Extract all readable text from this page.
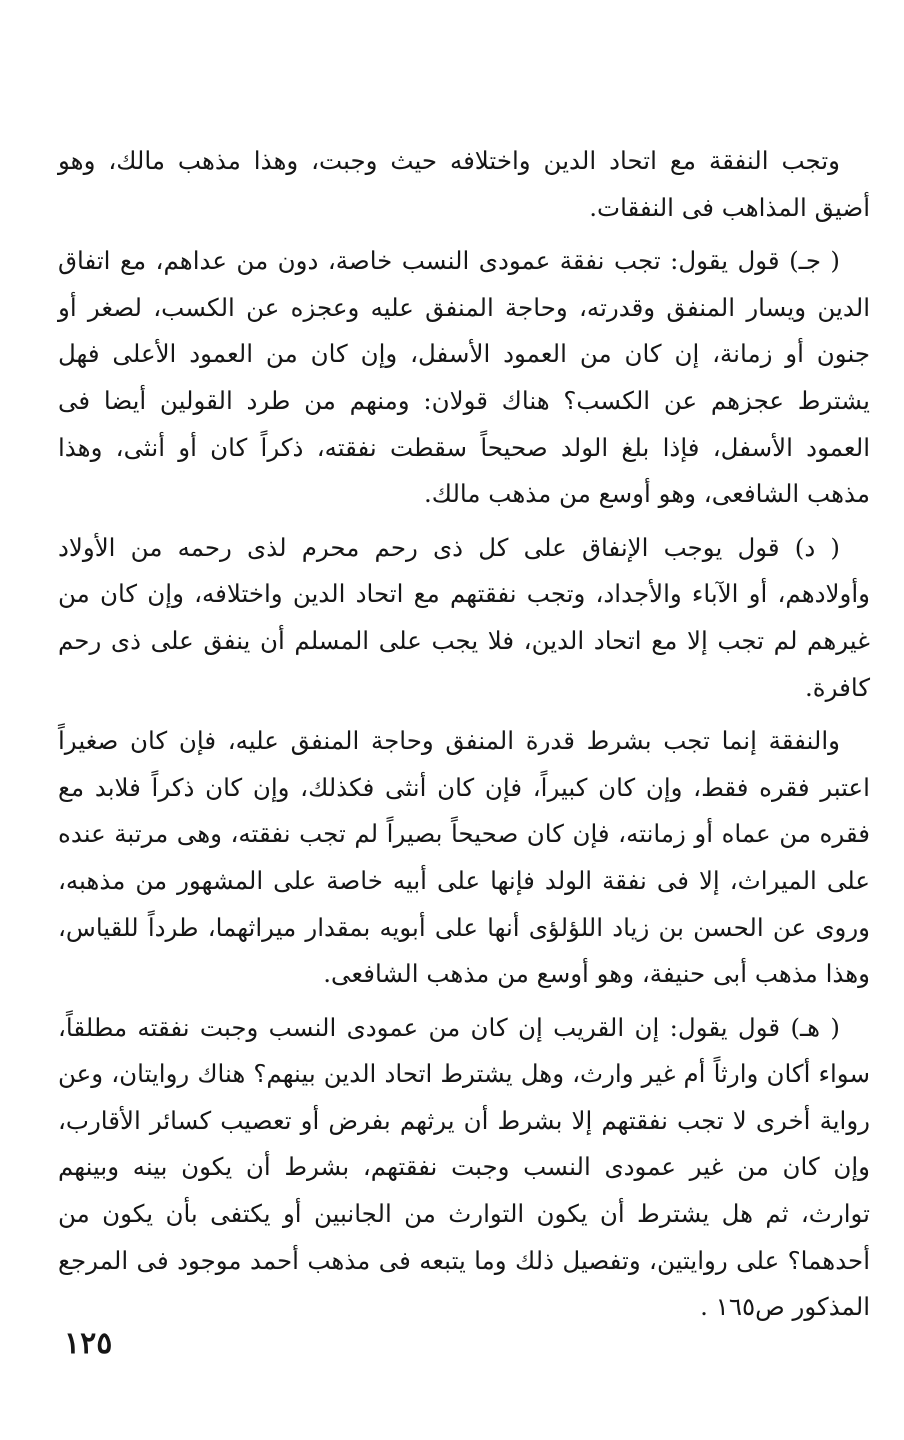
وتجب النفقة مع اتحاد الدين واختلافه حيث وجبت، وهذا مذهب مالك، وهو أضيق المذاهب فى النفقات.

( جـ) قول يقول: تجب نفقة عمودى النسب خاصة، دون من عداهم، مع اتفاق الدين ويسار المنفق وقدرته، وحاجة المنفق عليه وعجزه عن الكسب، لصغر أو جنون أو زمانة، إن كان من العمود الأسفل، وإن كان من العمود الأعلى فهل يشترط عجزهم عن الكسب؟ هناك قولان: ومنهم من طرد القولين أيضا فى العمود الأسفل، فإذا بلغ الولد صحيحاً سقطت نفقته، ذكراً كان أو أنثى، وهذا مذهب الشافعى، وهو أوسع من مذهب مالك.

( د) قول يوجب الإنفاق على كل ذى رحم محرم لذى رحمه من الأولاد وأولادهم، أو الآباء والأجداد، وتجب نفقتهم مع اتحاد الدين واختلافه، وإن كان من غيرهم لم تجب إلا مع اتحاد الدين، فلا يجب على المسلم أن ينفق على ذى رحم كافرة.

والنفقة إنما تجب بشرط قدرة المنفق وحاجة المنفق عليه، فإن كان صغيراً اعتبر فقره فقط، وإن كان كبيراً، فإن كان أنثى فكذلك، وإن كان ذكراً فلابد مع فقره من عماه أو زمانته، فإن كان صحيحاً بصيراً لم تجب نفقته، وهى مرتبة عنده على الميراث، إلا فى نفقة الولد فإنها على أبيه خاصة على المشهور من مذهبه، وروى عن الحسن بن زياد اللؤلؤى أنها على أبويه بمقدار ميراثهما، طرداً للقياس، وهذا مذهب أبى حنيفة، وهو أوسع من مذهب الشافعى.

( هـ) قول يقول: إن القريب إن كان من عمودى النسب وجبت نفقته مطلقاً، سواء أكان وارثاً أم غير وارث، وهل يشترط اتحاد الدين بينهم؟ هناك روايتان، وعن رواية أخرى لا تجب نفقتهم إلا بشرط أن يرثهم بفرض أو تعصيب كسائر الأقارب، وإن كان من غير عمودى النسب وجبت نفقتهم، بشرط أن يكون بينه وبينهم توارث، ثم هل يشترط أن يكون التوارث من الجانبين أو يكتفى بأن يكون من أحدهما؟ على روايتين، وتفصيل ذلك وما يتبعه فى مذهب أحمد موجود فى المرجع المذكور ص١٦٥ .

١٢٥
